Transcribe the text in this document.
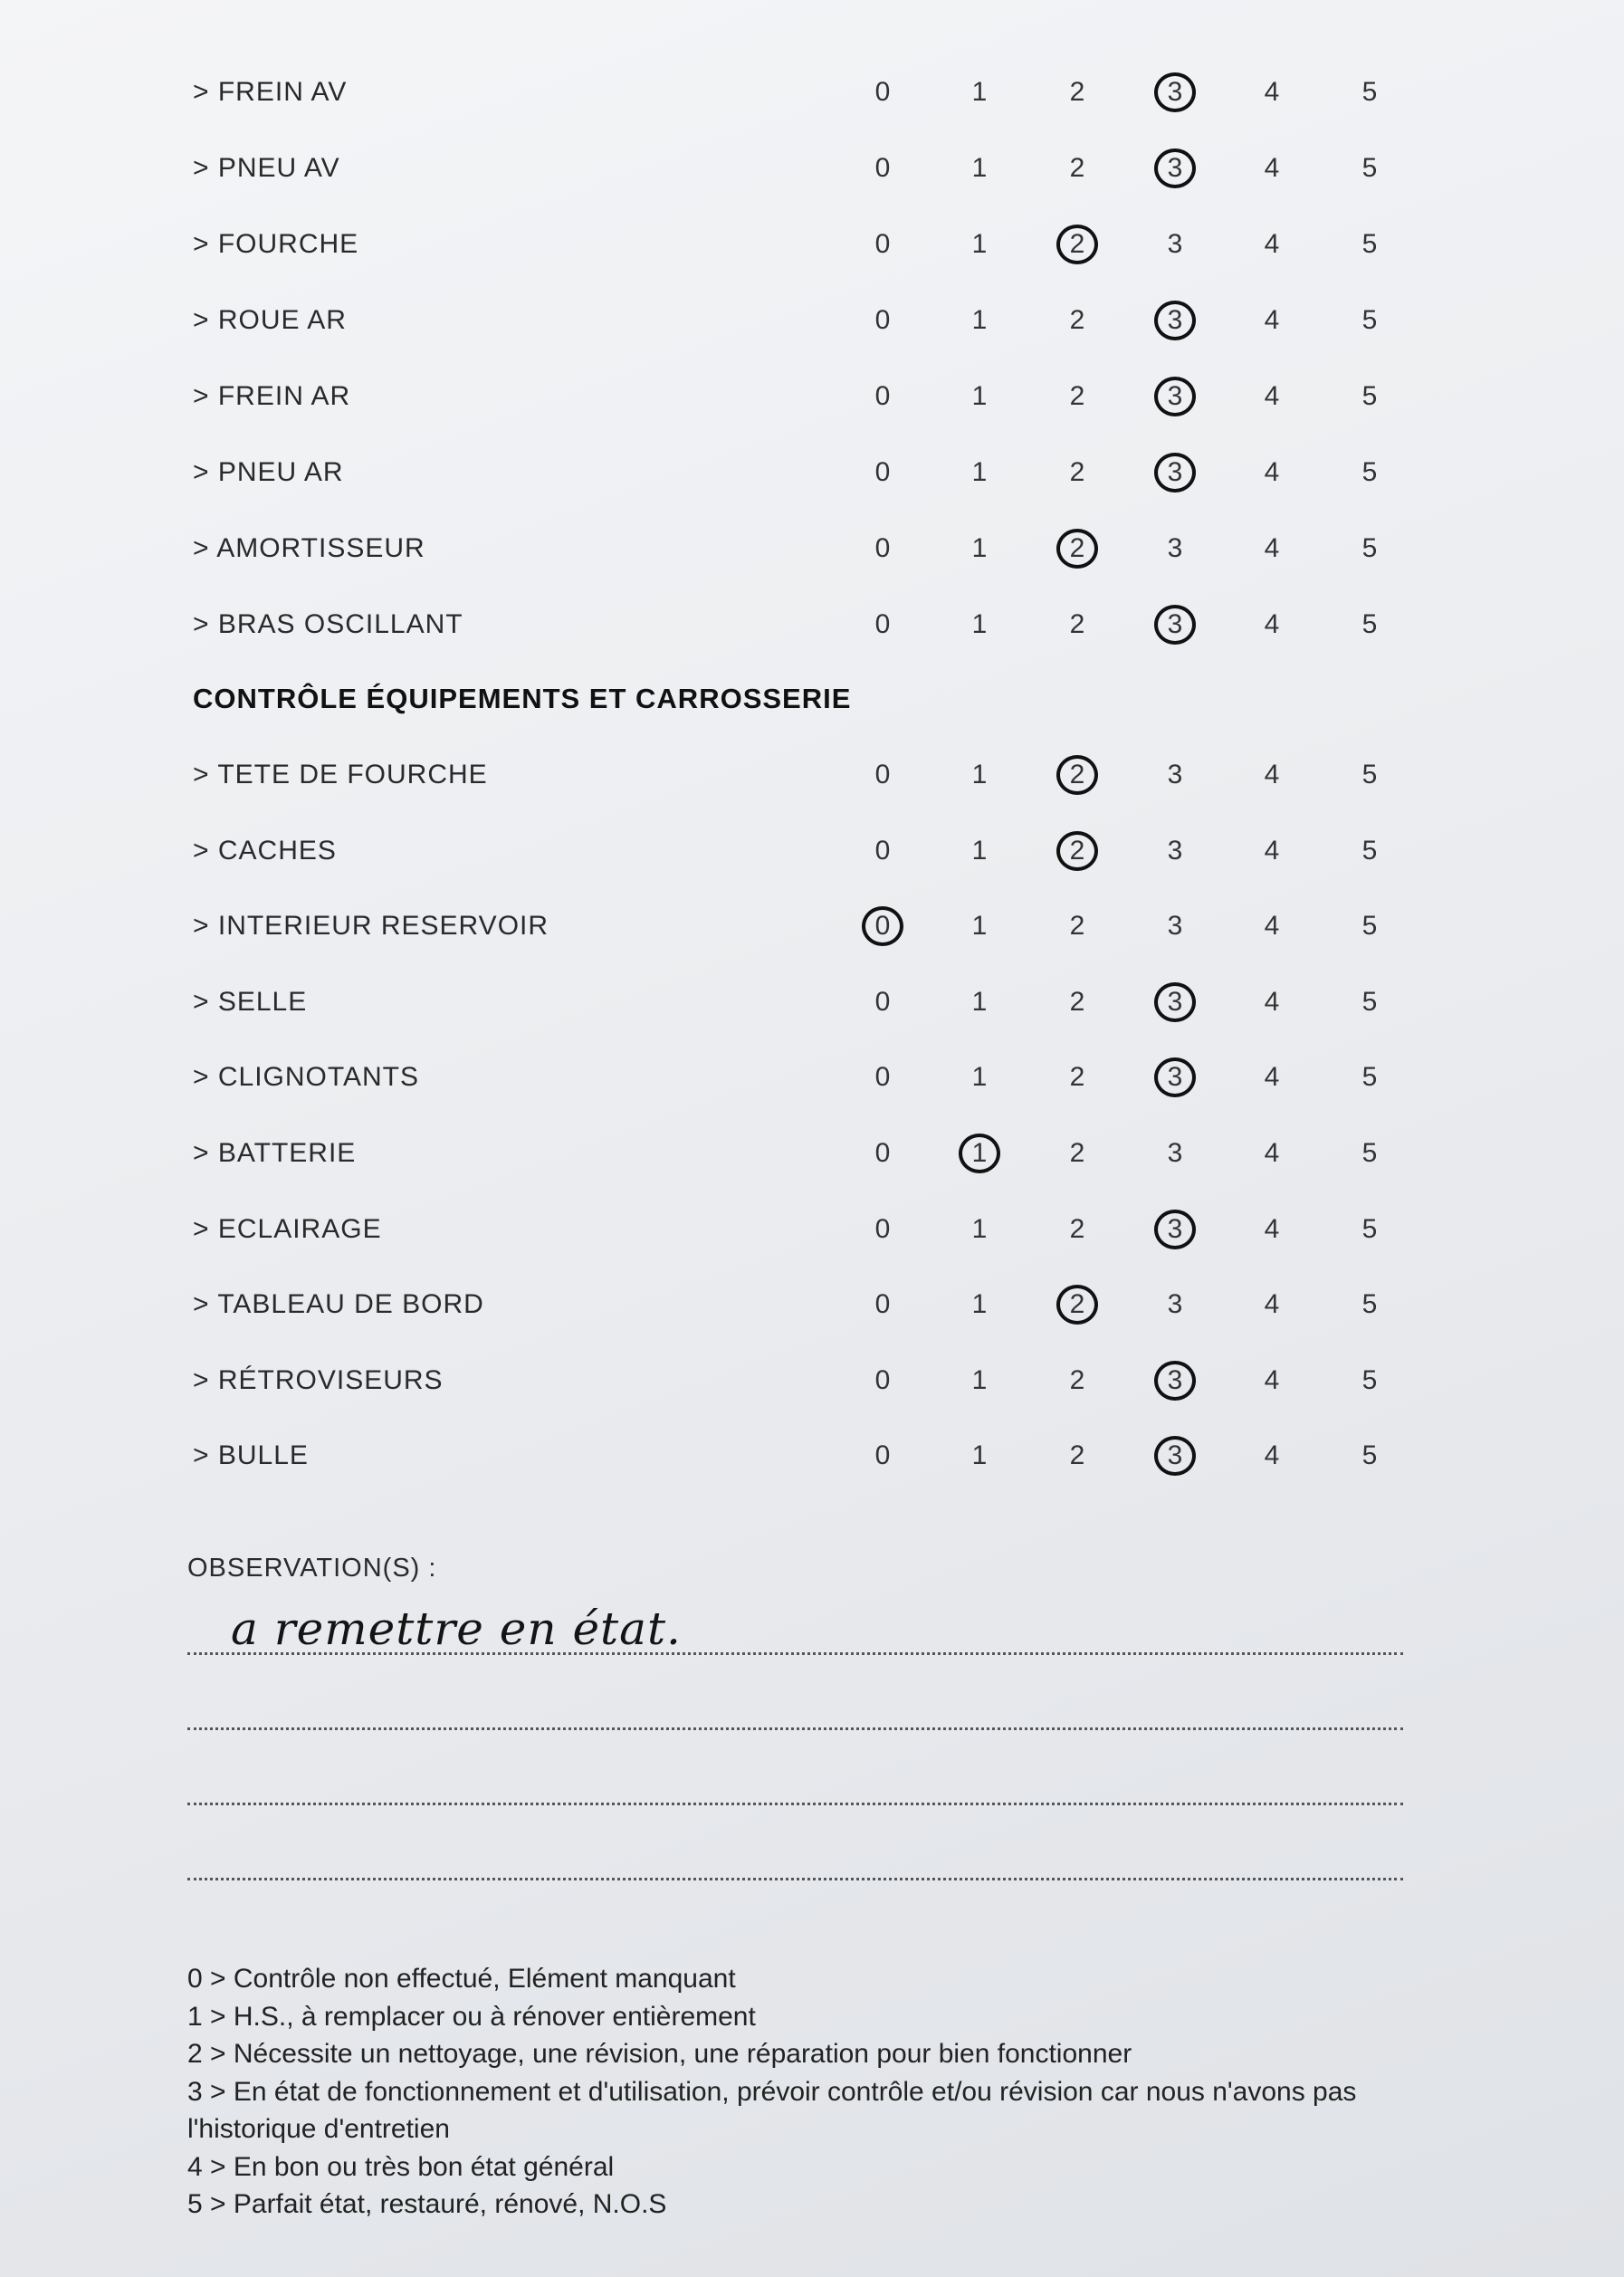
> FREIN AV	0	1	2	3	4	5
> PNEU AV	0	1	2	3	4	5
> FOURCHE	0	1	2	3	4	5
> ROUE AR	0	1	2	3	4	5
> FREIN AR	0	1	2	3	4	5
> PNEU AR	0	1	2	3	4	5
> AMORTISSEUR	0	1	2	3	4	5
> BRAS OSCILLANT	0	1	2	3	4	5
CONTRÔLE ÉQUIPEMENTS ET CARROSSERIE
> TETE DE FOURCHE	0	1	2	3	4	5
> CACHES	0	1	2	3	4	5
> INTERIEUR RESERVOIR	0	1	2	3	4	5
> SELLE	0	1	2	3	4	5
> CLIGNOTANTS	0	1	2	3	4	5
> BATTERIE	0	1	2	3	4	5
> ECLAIRAGE	0	1	2	3	4	5
> TABLEAU DE BORD	0	1	2	3	4	5
> RÉTROVISEURS	0	1	2	3	4	5
> BULLE	0	1	2	3	4	5
OBSERVATION(S) :
a remettre en état.
0 > Contrôle non effectué, Elément manquant
1 > H.S., à remplacer ou à rénover entièrement
2 > Nécessite un nettoyage, une révision, une réparation pour bien fonctionner
3 > En état de fonctionnement et d'utilisation, prévoir contrôle et/ou révision car nous n'avons pas l'historique d'entretien
4 > En bon ou très bon état général
5 > Parfait état, restauré, rénové, N.O.S
